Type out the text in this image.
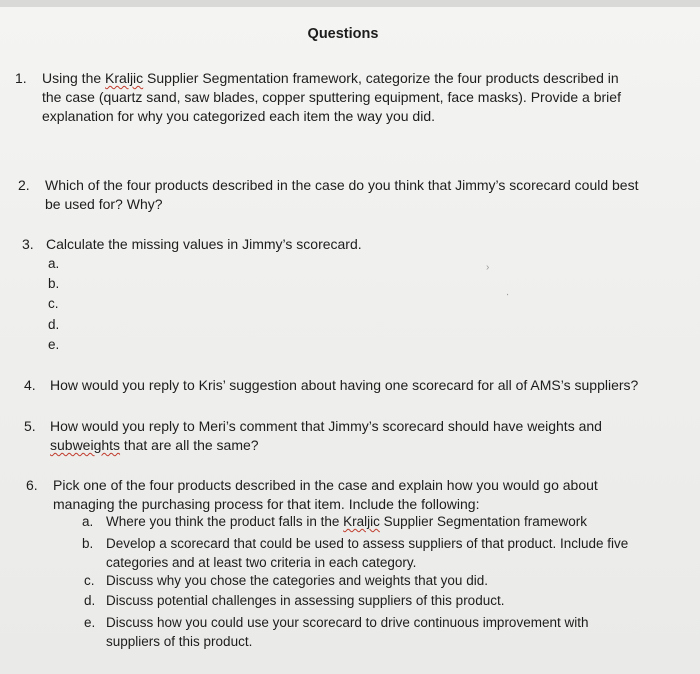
Questions
1. Using the Kraljic Supplier Segmentation framework, categorize the four products described in
the case (quartz sand, saw blades, copper sputtering equipment, face masks). Provide a brief
explanation for why you categorized each item the way you did.
2. Which of the four products described in the case do you think that Jimmy’s scorecard could best
be used for? Why?
3. Calculate the missing values in Jimmy’s scorecard.
a.
b.
c.
d.
e.
4. How would you reply to Kris’ suggestion about having one scorecard for all of AMS’s suppliers?
5. How would you reply to Meri’s comment that Jimmy’s scorecard should have weights and
subweights that are all the same?
6. Pick one of the four products described in the case and explain how you would go about
managing the purchasing process for that item. Include the following:
a. Where you think the product falls in the Kraljic Supplier Segmentation framework
b. Develop a scorecard that could be used to assess suppliers of that product. Include five
categories and at least two criteria in each category.
c. Discuss why you chose the categories and weights that you did.
d. Discuss potential challenges in assessing suppliers of this product.
e. Discuss how you could use your scorecard to drive continuous improvement with
suppliers of this product.
›
⋅
